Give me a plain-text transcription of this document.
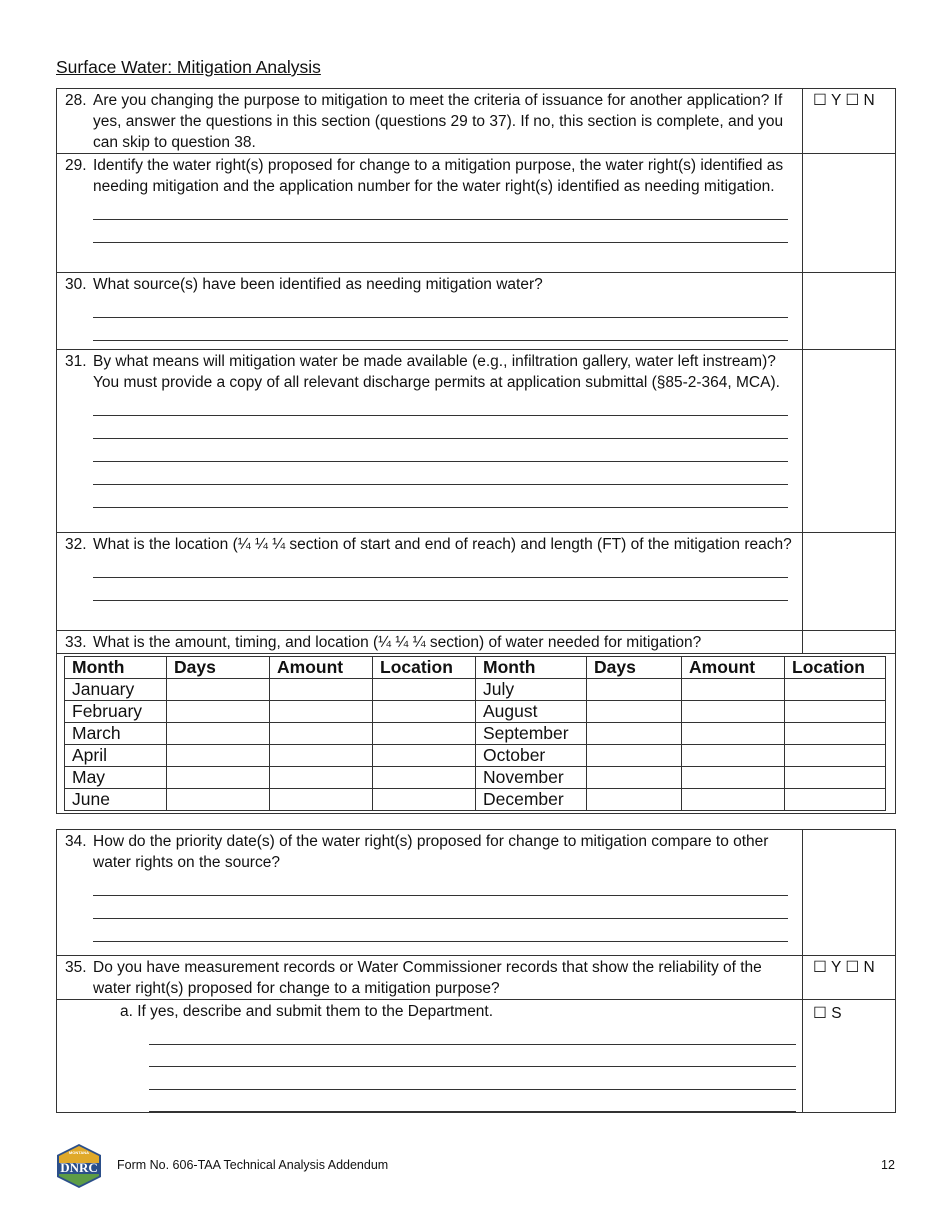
Surface Water: Mitigation Analysis
28. Are you changing the purpose to mitigation to meet the criteria of issuance for another application? If yes, answer the questions in this section (questions 29 to 37). If no, this section is complete, and you can skip to question 38.
	☐ Y ☐ N

29. Identify the water right(s) proposed for change to a mitigation purpose, the water right(s) identified as needing mitigation and the application number for the water right(s) identified as needing mitigation.

30. What source(s) have been identified as needing mitigation water?

31. By what means will mitigation water be made available (e.g., infiltration gallery, water left instream)? You must provide a copy of all relevant discharge permits at application submittal (§85-2-364, MCA).

32. What is the location (¼ ¼ ¼ section of start and end of reach) and length (FT) of the mitigation reach?

33. What is the amount, timing, and location (¼ ¼ ¼ section) of water needed for mitigation?

Month	Days	Amount	Location	Month	Days	Amount	Location
January				July			
February				August			
March				September			
April				October			
May				November			
June				December			
34. How do the priority date(s) of the water right(s) proposed for change to mitigation compare to other water rights on the source?	

35. Do you have measurement records or Water Commissioner records that show the reliability of the water right(s) proposed for change to a mitigation purpose?	☐ Y ☐ N

a. If yes, describe and submit them to the Department.	☐ S
MONTANA
DNRC Form No. 606-TAA Technical Analysis Addendum	12
